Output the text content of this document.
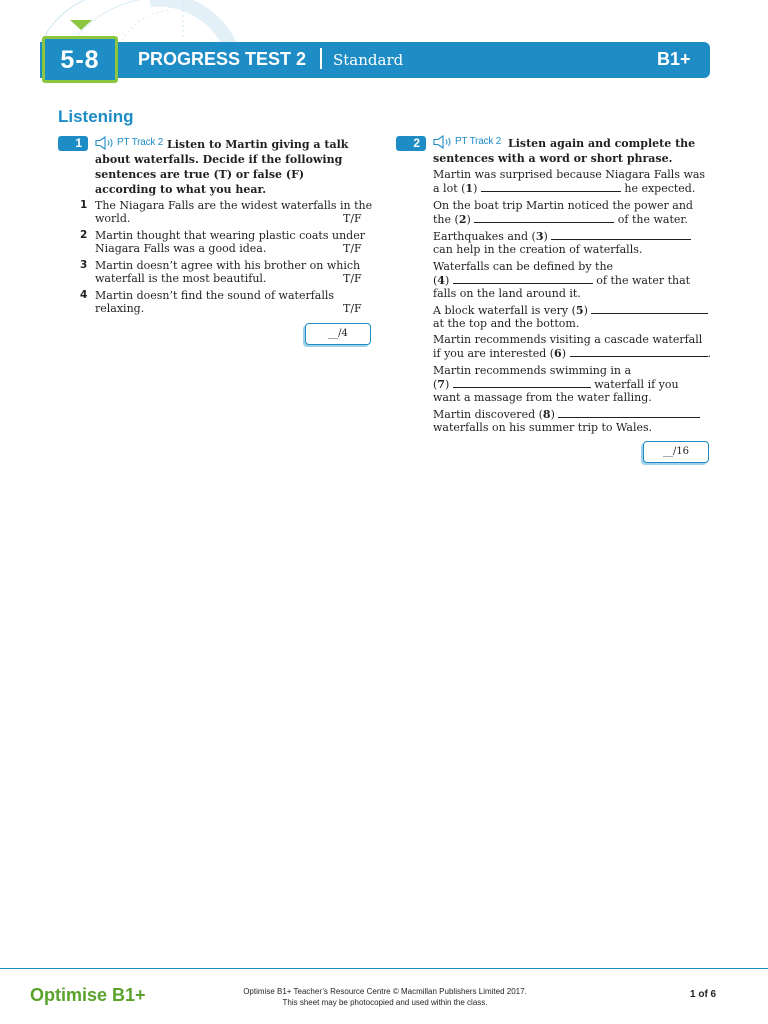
5-8	PROGRESS TEST 2 Standard	B1+
Listening
1	PT Track 2 Listen to Martin giving a talk
about waterfalls. Decide if the following
sentences are true (T) or false (F)
according to what you hear.
1 The Niagara Falls are the widest waterfalls in the
world.	T/F
2 Martin thought that wearing plastic coats under
Niagara Falls was a good idea.	T/F
3 Martin doesn’t agree with his brother on which
waterfall is the most beautiful.	T/F
4 Martin doesn’t find the sound of waterfalls
relaxing.	T/F
__/4
2	PT Track 2 Listen again and complete the
sentences with a word or short phrase.
Martin was surprised because Niagara Falls was
a lot (1)	he expected.
On the boat trip Martin noticed the power and
the (2)	of the water.
Earthquakes and (3)
can help in the creation of waterfalls.
Waterfalls can be defined by the
(4)	of the water that
falls on the land around it.
A block waterfall is very (5)
at the top and the bottom.
Martin recommends visiting a cascade waterfall
if you are interested (6)	.
Martin recommends swimming in a
(7)	waterfall if you
want a massage from the water falling.
Martin discovered (8)
waterfalls on his summer trip to Wales.
__/16
Optimise B1+	Optimise B1+ Teacher’s Resource Centre © Macmillan Publishers Limited 2017.
This sheet may be photocopied and used within the class.
1 of 6
